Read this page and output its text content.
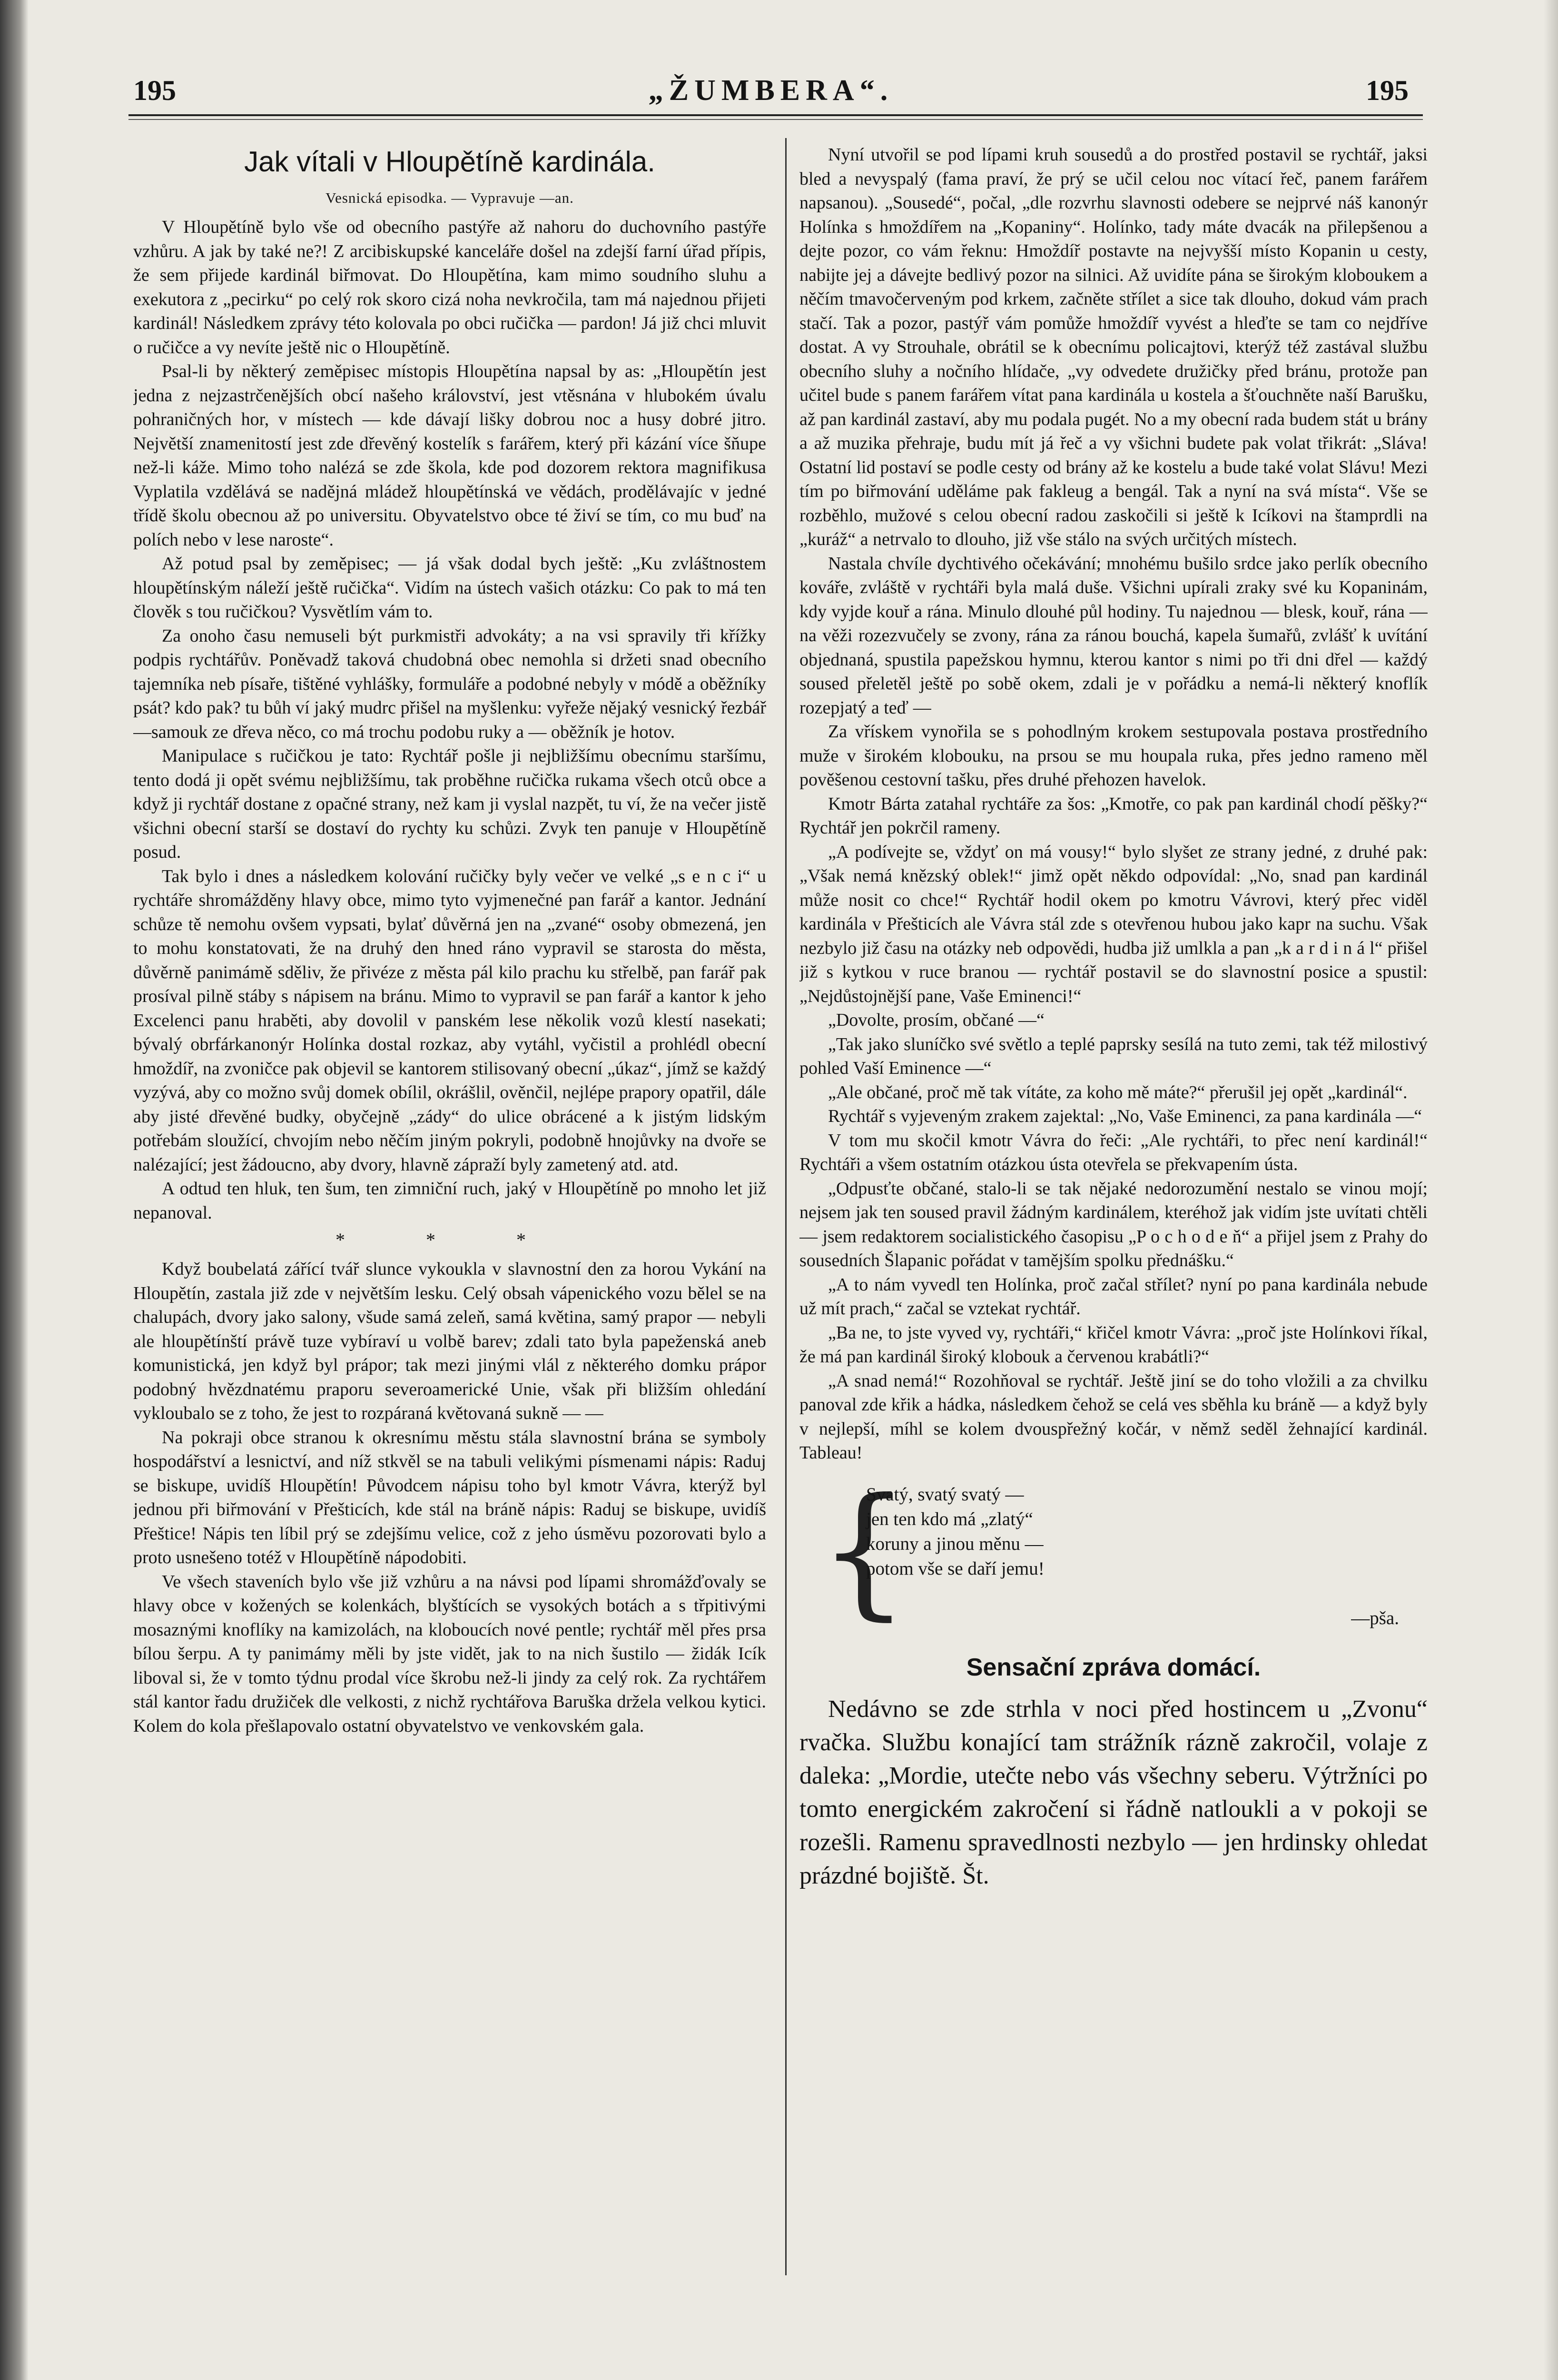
195	„ŽUMBERA“.	195
Jak vítali v Hloupětíně kardinála.
Vesnická episodka. — Vypravuje —an.

V Hloupětíně bylo vše od obecního pastýře až nahoru do duchovního pastýře vzhůru. A jak by také ne?! Z arcibiskupské kanceláře došel na zdejší farní úřad přípis, že sem přijede kardinál biřmovat. Do Hloupětína, kam mimo soudního sluhu a exekutora z „pecirku“ po celý rok skoro cizá noha nevkročila, tam má najednou přijeti kardinál! Následkem zprávy této kolovala po obci ručička — pardon! Já již chci mluvit o ručičce a vy nevíte ještě nic o Hloupětíně.

Psal-li by některý zeměpisec místopis Hloupětína napsal by as: „Hloupětín jest jedna z nejzastrčenějších obcí našeho království, jest vtěsnána v hlubokém úvalu pohraničných hor, v místech — kde dávají lišky dobrou noc a husy dobré jitro. Největší znamenitostí jest zde dřevěný kostelík s farářem, který při kázání více šňupe než-li káže. Mimo toho nalézá se zde škola, kde pod dozorem rektora magnifikusa Vyplatila vzdělává se nadějná mládež hloupětínská ve vědách, prodělávajíc v jedné třídě školu obecnou až po universitu. Obyvatelstvo obce té živí se tím, co mu buď na polích nebo v lese naroste“.

Až potud psal by zeměpisec; — já však dodal bych ještě: „Ku zvláštnostem hloupětínským náleží ještě ručička“. Vidím na ústech vašich otázku: Co pak to má ten člověk s tou ručičkou? Vysvětlím vám to.

Za onoho času nemuseli být purkmistři advokáty; a na vsi spravily tři křížky podpis rychtářův. Poněvadž taková chudobná obec nemohla si držeti snad obecního tajemníka neb písaře, tištěné vyhlášky, formuláře a podobné nebyly v módě a oběžníky psát? kdo pak? tu bůh ví jaký mudrc přišel na myšlenku: vyřeže nějaký vesnický řezbář—samouk ze dřeva něco, co má trochu podobu ruky a — oběžník je hotov.

Manipulace s ručičkou je tato: Rychtář pošle ji nejbližšímu obecnímu staršímu, tento dodá ji opět svému nejbližšímu, tak proběhne ručička rukama všech otců obce a když ji rychtář dostane z opačné strany, než kam ji vyslal nazpět, tu ví, že na večer jistě všichni obecní starší se dostaví do rychty ku schůzi. Zvyk ten panuje v Hloupětíně posud.

Tak bylo i dnes a následkem kolování ručičky byly večer ve velké „s e n c i“ u rychtáře shromážděny hlavy obce, mimo tyto vyjmenečné pan farář a kantor. Jednání schůze tě nemohu ovšem vypsati, bylať důvěrná jen na „zvané“ osoby obmezená, jen to mohu konstatovati, že na druhý den hned ráno vypravil se starosta do města, důvěrně panimámě sděliv, že přivéze z města pál kilo prachu ku střelbě, pan farář pak prosíval pilně stáby s nápisem na bránu. Mimo to vypravil se pan farář a kantor k jeho Excelenci panu hraběti, aby dovolil v panském lese několik vozů klestí nasekati; bývalý obrfárkanonýr Holínka dostal rozkaz, aby vytáhl, vyčistil a prohlédl obecní hmoždíř, na zvoničce pak objevil se kantorem stilisovaný obecní „úkaz“, jímž se každý vyzývá, aby co možno svůj domek obílil, okrášlil, ověnčil, nejlépe prapory opatřil, dále aby jisté dřevěné budky, obyčejně „zády“ do ulice obrácené a k jistým lidským potřebám sloužící, chvojím nebo něčím jiným pokryli, podobně hnojůvky na dvoře se nalézající; jest žádoucno, aby dvory, hlavně zápraží byly zametený atd. atd.

A odtud ten hluk, ten šum, ten zimniční ruch, jaký v Hloupětíně po mnoho let již nepanoval.

* * *

Když boubelatá zářící tvář slunce vykoukla v slavnostní den za horou Vykání na Hloupětín, zastala již zde v největším lesku. Celý obsah vápenického vozu bělel se na chalupách, dvory jako salony, všude samá zeleň, samá květina, samý prapor — nebyli ale hloupětínští právě tuze vybíraví u volbě barev; zdali tato byla papeženská aneb komunistická, jen když byl prápor; tak mezi jinými vlál z některého domku prápor podobný hvězdnatému praporu severoamerické Unie, však při bližším ohledání vykloubalo se z toho, že jest to rozpáraná květovaná sukně — —

Na pokraji obce stranou k okresnímu městu stála slavnostní brána se symboly hospodářství a lesnictví, and níž stkvěl se na tabuli velikými písmenami nápis: Raduj se biskupe, uvidíš Hloupětín! Původcem nápisu toho byl kmotr Vávra, kterýž byl jednou při biřmování v Přešticích, kde stál na bráně nápis: Raduj se biskupe, uvidíš Přeštice! Nápis ten líbil prý se zdejšímu velice, což z jeho úsměvu pozorovati bylo a proto usnešeno totéž v Hloupětíně nápodobiti.

Ve všech staveních bylo vše již vzhůru a na návsi pod lípami shromážďovaly se hlavy obce v kožených se kolenkách, blyštících se vysokých botách a s třpitivými mosaznými knoflíky na kamizolách, na kloboucích nové pentle; rychtář měl přes prsa bílou šerpu. A ty panimámy měli by jste vidět, jak to na nich šustilo — židák Icík liboval si, že v tomto týdnu prodal více škrobu než-li jindy za celý rok. Za rychtářem stál kantor řadu družiček dle velkosti, z nichž rychtářova Baruška držela velkou kytici. Kolem do kola přešlapovalo ostatní obyvatelstvo ve venkovském gala.

Nyní utvořil se pod lípami kruh sousedů a do prostřed postavil se rychtář, jaksi bled a nevyspalý (fama praví, že prý se učil celou noc vítací řeč, panem farářem napsanou). „Sousedé“, počal, „dle rozvrhu slavnosti odebere se nejprvé náš kanonýr Holínka s hmoždířem na „Kopaniny“. Holínko, tady máte dvacák na přilepšenou a dejte pozor, co vám řeknu: Hmoždíř postavte na nejvyšší místo Kopanin u cesty, nabijte jej a dávejte bedlivý pozor na silnici. Až uvidíte pána se širokým kloboukem a něčím tmavočerveným pod krkem, začněte střílet a sice tak dlouho, dokud vám prach stačí. Tak a pozor, pastýř vám pomůže hmoždíř vyvést a hleďte se tam co nejdříve dostat. A vy Strouhale, obrátil se k obecnímu policajtovi, kterýž též zastával službu obecního sluhy a nočního hlídače, „vy odvedete družičky před bránu, protože pan učitel bude s panem farářem vítat pana kardinála u kostela a šťouchněte naší Barušku, až pan kardinál zastaví, aby mu podala pugét. No a my obecní rada budem stát u brány a až muzika přehraje, budu mít já řeč a vy všichni budete pak volat třikrát: „Sláva! Ostatní lid postaví se podle cesty od brány až ke kostelu a bude také volat Slávu! Mezi tím po biřmování uděláme pak fakleug a bengál. Tak a nyní na svá místa“. Vše se rozběhlo, mužové s celou obecní radou zaskočili si ještě k Icíkovi na štamprdli na „kuráž“ a netrvalo to dlouho, již vše stálo na svých určitých místech.

Nastala chvíle dychtivého očekávání; mnohému bušilo srdce jako perlík obecního kováře, zvláště v rychtáři byla malá duše. Všichni upírali zraky své ku Kopaninám, kdy vyjde kouř a rána. Minulo dlouhé půl hodiny. Tu najednou — blesk, kouř, rána — na věži rozezvučely se zvony, rána za ránou bouchá, kapela šumařů, zvlášť k uvítání objednaná, spustila papežskou hymnu, kterou kantor s nimi po tři dni dřel — každý soused přeletěl ještě po sobě okem, zdali je v pořádku a nemá-li některý knoflík rozepjatý a teď —

Za vřískem vynořila se s pohodlným krokem sestupovala postava prostředního muže v širokém klobouku, na prsou se mu houpala ruka, přes jedno rameno měl pověšenou cestovní tašku, přes druhé přehozen havelok.

Kmotr Bárta zatahal rychtáře za šos: „Kmotře, co pak pan kardinál chodí pěšky?“ Rychtář jen pokrčil rameny.

„A podívejte se, vždyť on má vousy!“ bylo slyšet ze strany jedné, z druhé pak: „Však nemá knězský oblek!“ jimž opět někdo odpovídal: „No, snad pan kardinál může nosit co chce!“ Rychtář hodil okem po kmotru Vávrovi, který přec viděl kardinála v Přešticích ale Vávra stál zde s otevřenou hubou jako kapr na suchu. Však nezbylo již času na otázky neb odpovědi, hudba již umlkla a pan „k a r d i n á l“ přišel již s kytkou v ruce branou — rychtář postavil se do slavnostní posice a spustil: „Nejdůstojnější pane, Vaše Eminenci!“

„Dovolte, prosím, občané —“

„Tak jako sluníčko své světlo a teplé paprsky sesílá na tuto zemi, tak též milostivý pohled Vaší Eminence —“

„Ale občané, proč mě tak vítáte, za koho mě máte?“ přerušil jej opět „kardinál“.

Rychtář s vyjeveným zrakem zajektal: „No, Vaše Eminenci, za pana kardinála —“

V tom mu skočil kmotr Vávra do řeči: „Ale rychtáři, to přec není kardinál!“ Rychtáři a všem ostatním otázkou ústa otevřela se překvapením ústa.

„Odpusťte občané, stalo-li se tak nějaké nedorozumění nestalo se vinou mojí; nejsem jak ten soused pravil žádným kardinálem, kteréhož jak vidím jste uvítati chtěli — jsem redaktorem socialistického časopisu „P o c h o d e ň“ a přijel jsem z Prahy do sousedních Šlapanic pořádat v tamějším spolku přednášku.“

„A to nám vyvedl ten Holínka, proč začal střílet? nyní po pana kardinála nebude už mít prach,“ začal se vztekat rychtář.

„Ba ne, to jste vyved vy, rychtáři,“ křičel kmotr Vávra: „proč jste Holínkovi říkal, že má pan kardinál široký klobouk a červenou krabátli?“

„A snad nemá!“ Rozohňoval se rychtář. Ještě jiní se do toho vložili a za chvilku panoval zde křik a hádka, následkem čehož se celá ves sběhla ku bráně — a když byly v nejlepší, míhl se kolem dvouspřežný kočár, v němž seděl žehnající kardinál. Tableau!

{
Svatý, svatý svatý —
jen ten kdo má „zlatý“
koruny a jinou měnu —
potom vše se daří jemu!
—pša.
Sensační zpráva domácí.

Nedávno se zde strhla v noci před hostincem u „Zvonu“ rvačka. Službu konající tam strážník rázně zakročil, volaje z daleka: „Mordie, utečte nebo vás všechny seberu. Výtržníci po tomto energickém zakročení si řádně natloukli a v pokoji se rozešli. Ramenu spravedlnosti nezbylo — jen hrdinsky ohledat prázdné bojiště. Št.
